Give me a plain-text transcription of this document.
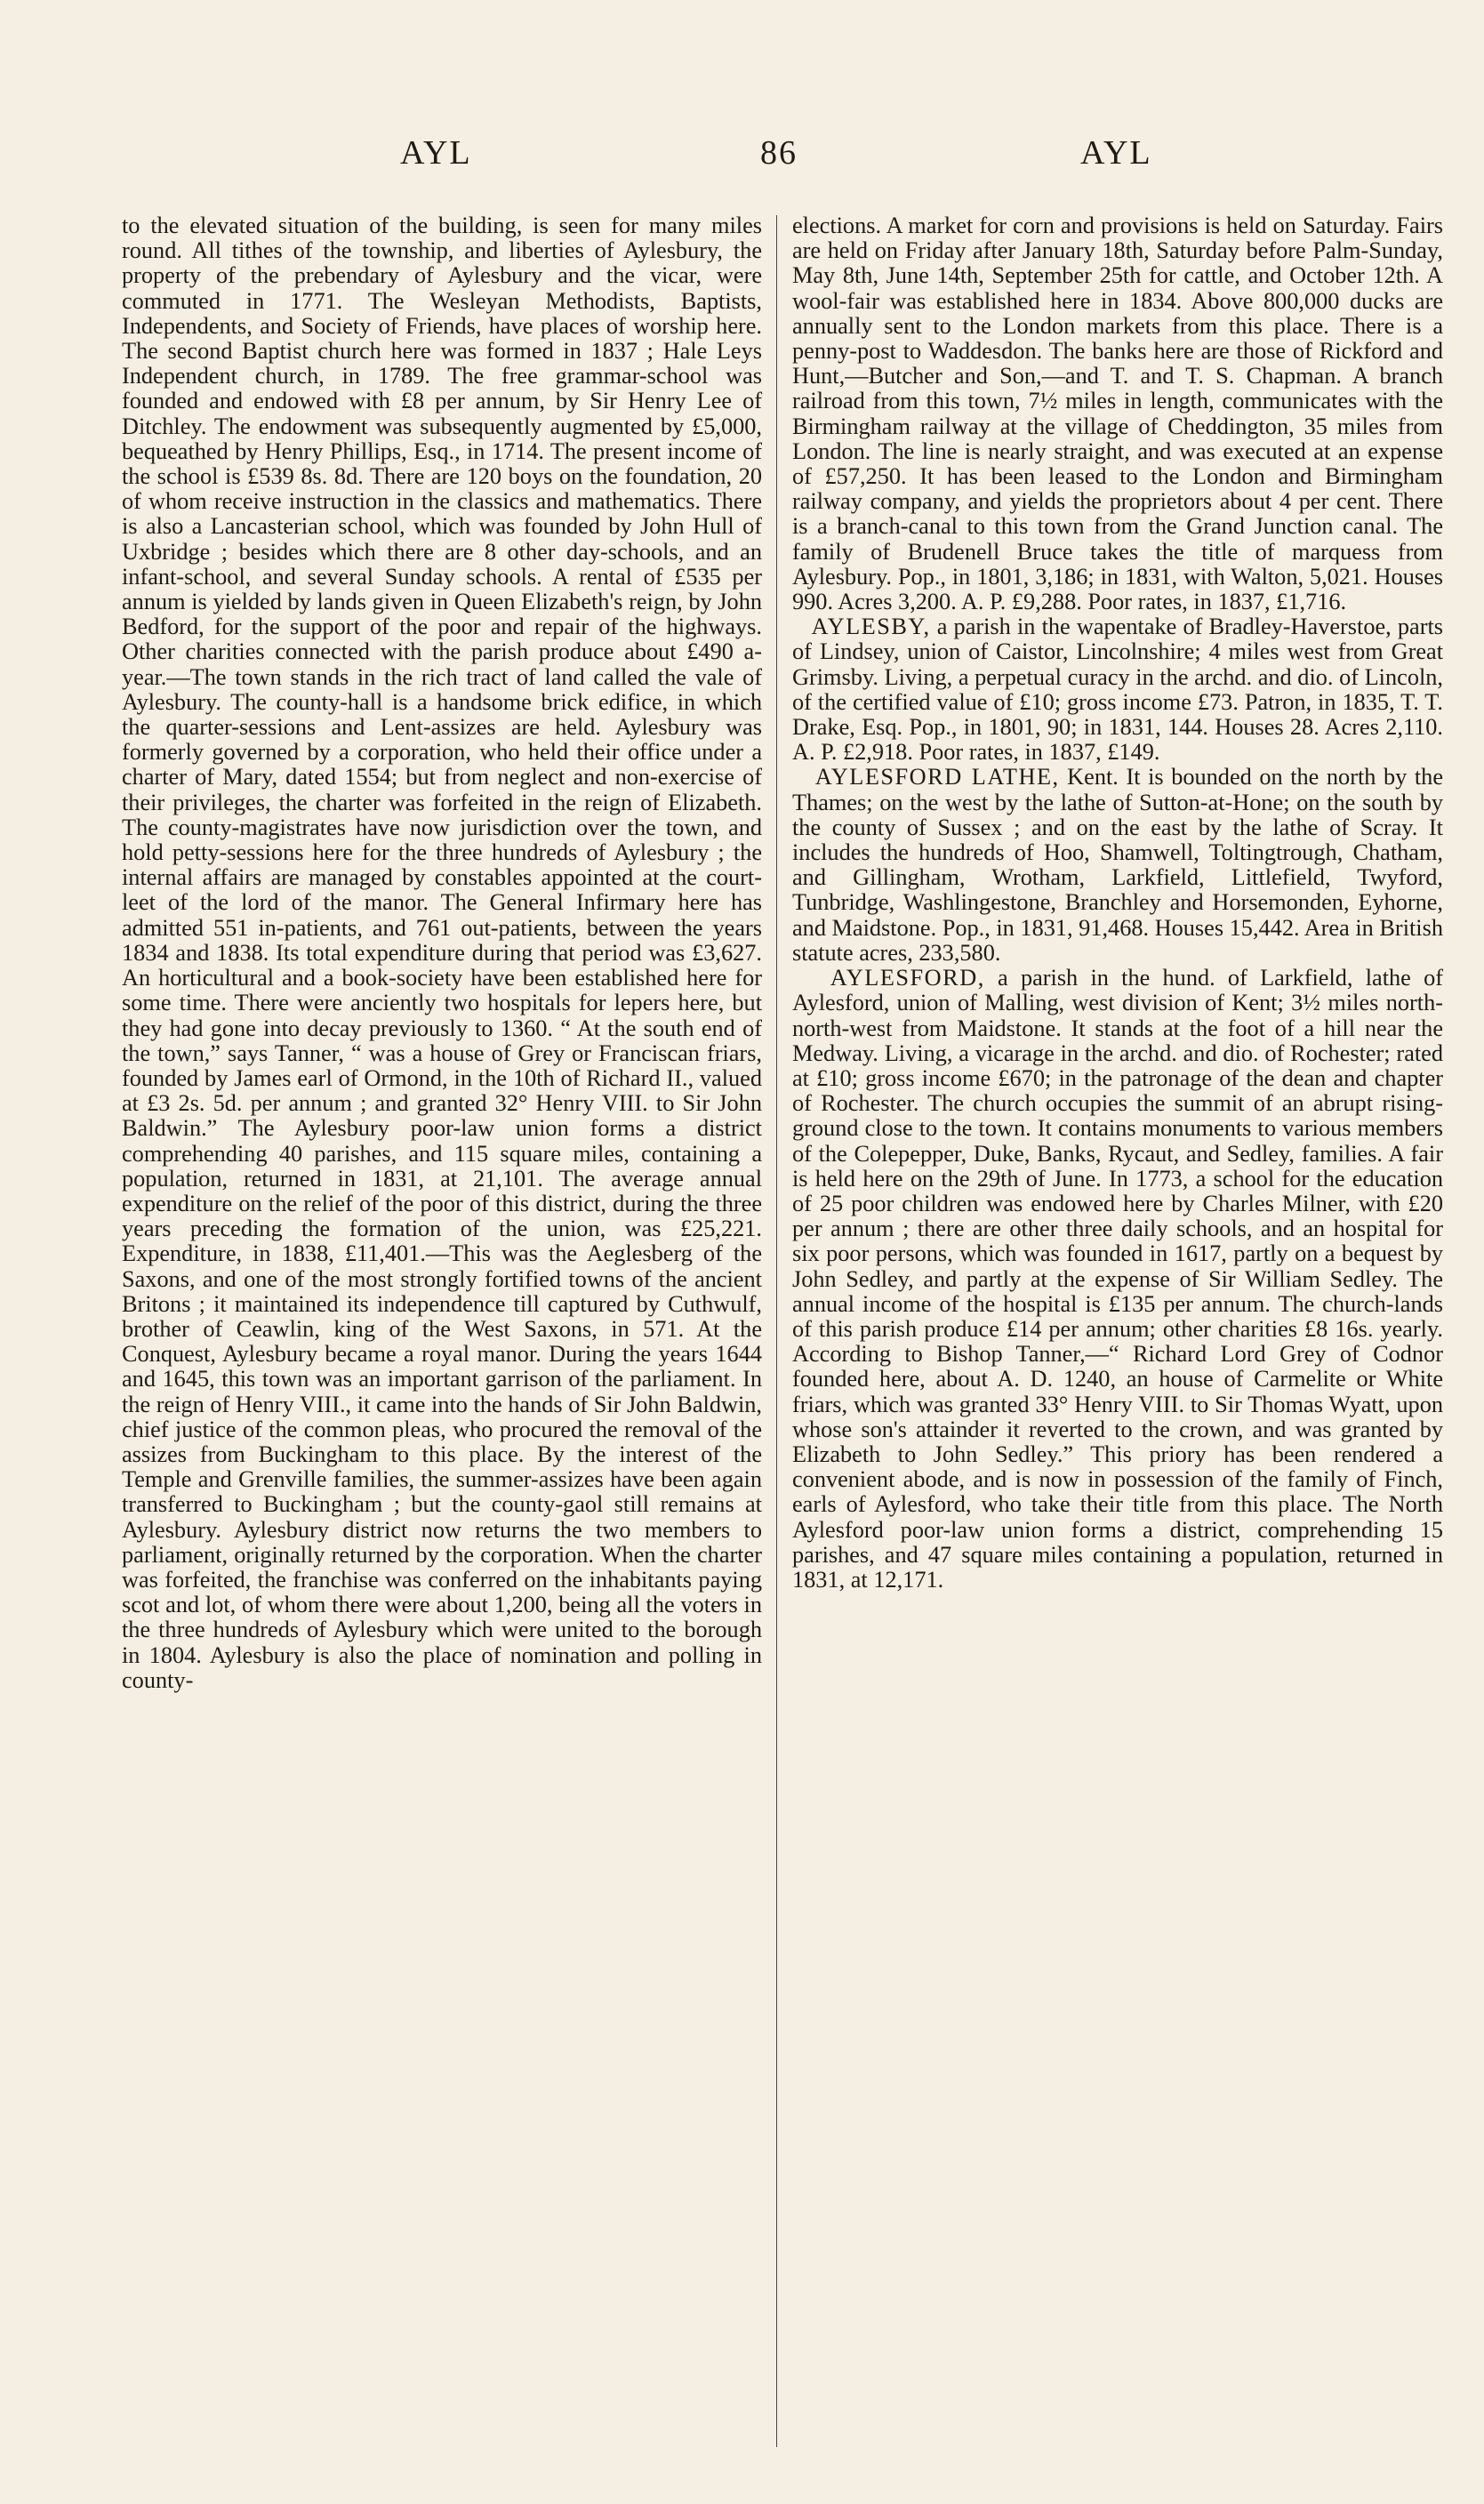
AYL	86	AYL

to the elevated situation of the building, is seen for many miles round. All tithes of the township, and liberties of Aylesbury, the property of the prebendary of Aylesbury and the vicar, were commuted in 1771. The Wesleyan Methodists, Baptists, Independents, and Society of Friends, have places of worship here. The second Baptist church here was formed in 1837 ; Hale Leys Independent church, in 1789. The free grammar-school was founded and endowed with £8 per annum, by Sir Henry Lee of Ditchley. The endowment was subsequently augmented by £5,000, bequeathed by Henry Phillips, Esq., in 1714. The present income of the school is £539 8s. 8d. There are 120 boys on the foundation, 20 of whom receive instruction in the classics and mathematics. There is also a Lancasterian school, which was founded by John Hull of Uxbridge ; besides which there are 8 other day-schools, and an infant-school, and several Sunday schools. A rental of £535 per annum is yielded by lands given in Queen Elizabeth's reign, by John Bedford, for the support of the poor and repair of the highways. Other charities connected with the parish produce about £490 a-year.—The town stands in the rich tract of land called the vale of Aylesbury. The county-hall is a handsome brick edifice, in which the quarter-sessions and Lent-assizes are held. Aylesbury was formerly governed by a corporation, who held their office under a charter of Mary, dated 1554; but from neglect and non-exercise of their privileges, the charter was forfeited in the reign of Elizabeth. The county-magistrates have now jurisdiction over the town, and hold petty-sessions here for the three hundreds of Aylesbury ; the internal affairs are managed by constables appointed at the court-leet of the lord of the manor. The General Infirmary here has admitted 551 in-patients, and 761 out-patients, between the years 1834 and 1838. Its total expenditure during that period was £3,627. An horticultural and a book-society have been established here for some time. There were anciently two hospitals for lepers here, but they had gone into decay previously to 1360. “ At the south end of the town,” says Tanner, “ was a house of Grey or Franciscan friars, founded by James earl of Ormond, in the 10th of Richard II., valued at £3 2s. 5d. per annum ; and granted 32° Henry VIII. to Sir John Baldwin.” The Aylesbury poor-law union forms a district comprehending 40 parishes, and 115 square miles, containing a population, returned in 1831, at 21,101. The average annual expenditure on the relief of the poor of this district, during the three years preceding the formation of the union, was £25,221. Expenditure, in 1838, £11,401.—This was the Aeglesberg of the Saxons, and one of the most strongly fortified towns of the ancient Britons ; it maintained its independence till captured by Cuthwulf, brother of Ceawlin, king of the West Saxons, in 571. At the Conquest, Aylesbury became a royal manor. During the years 1644 and 1645, this town was an important garrison of the parliament. In the reign of Henry VIII., it came into the hands of Sir John Baldwin, chief justice of the common pleas, who procured the removal of the assizes from Buckingham to this place. By the interest of the Temple and Grenville families, the summer-assizes have been again transferred to Buckingham ; but the county-gaol still remains at Aylesbury. Aylesbury district now returns the two members to parliament, originally returned by the corporation. When the charter was forfeited, the franchise was conferred on the inhabitants paying scot and lot, of whom there were about 1,200, being all the voters in the three hundreds of Aylesbury which were united to the borough in 1804. Aylesbury is also the place of nomination and polling in county-

elections. A market for corn and provisions is held on Saturday. Fairs are held on Friday after January 18th, Saturday before Palm-Sunday, May 8th, June 14th, September 25th for cattle, and October 12th. A wool-fair was established here in 1834. Above 800,000 ducks are annually sent to the London markets from this place. There is a penny-post to Waddesdon. The banks here are those of Rickford and Hunt,—Butcher and Son,—and T. and T. S. Chapman. A branch railroad from this town, 7½ miles in length, communicates with the Birmingham railway at the village of Cheddington, 35 miles from London. The line is nearly straight, and was executed at an expense of £57,250. It has been leased to the London and Birmingham railway company, and yields the proprietors about 4 per cent. There is a branch-canal to this town from the Grand Junction canal. The family of Brudenell Bruce takes the title of marquess from Aylesbury. Pop., in 1801, 3,186; in 1831, with Walton, 5,021. Houses 990. Acres 3,200. A. P. £9,288. Poor rates, in 1837, £1,716.

AYLESBY, a parish in the wapentake of Bradley-Haverstoe, parts of Lindsey, union of Caistor, Lincolnshire; 4 miles west from Great Grimsby. Living, a perpetual curacy in the archd. and dio. of Lincoln, of the certified value of £10; gross income £73. Patron, in 1835, T. T. Drake, Esq. Pop., in 1801, 90; in 1831, 144. Houses 28. Acres 2,110. A. P. £2,918. Poor rates, in 1837, £149.

AYLESFORD LATHE, Kent. It is bounded on the north by the Thames; on the west by the lathe of Sutton-at-Hone; on the south by the county of Sussex ; and on the east by the lathe of Scray. It includes the hundreds of Hoo, Shamwell, Toltingtrough, Chatham, and Gillingham, Wrotham, Larkfield, Littlefield, Twyford, Tunbridge, Washlingestone, Branchley and Horsemonden, Eyhorne, and Maidstone. Pop., in 1831, 91,468. Houses 15,442. Area in British statute acres, 233,580.

AYLESFORD, a parish in the hund. of Larkfield, lathe of Aylesford, union of Malling, west division of Kent; 3½ miles north-north-west from Maidstone. It stands at the foot of a hill near the Medway. Living, a vicarage in the archd. and dio. of Rochester; rated at £10; gross income £670; in the patronage of the dean and chapter of Rochester. The church occupies the summit of an abrupt rising-ground close to the town. It contains monuments to various members of the Colepepper, Duke, Banks, Rycaut, and Sedley, families. A fair is held here on the 29th of June. In 1773, a school for the education of 25 poor children was endowed here by Charles Milner, with £20 per annum ; there are other three daily schools, and an hospital for six poor persons, which was founded in 1617, partly on a bequest by John Sedley, and partly at the expense of Sir William Sedley. The annual income of the hospital is £135 per annum. The church-lands of this parish produce £14 per annum; other charities £8 16s. yearly. According to Bishop Tanner,—“ Richard Lord Grey of Codnor founded here, about A. D. 1240, an house of Carmelite or White friars, which was granted 33° Henry VIII. to Sir Thomas Wyatt, upon whose son's attainder it reverted to the crown, and was granted by Elizabeth to John Sedley.” This priory has been rendered a convenient abode, and is now in possession of the family of Finch, earls of Aylesford, who take their title from this place. The North Aylesford poor-law union forms a district, comprehending 15 parishes, and 47 square miles containing a population, returned in 1831, at 12,171.
